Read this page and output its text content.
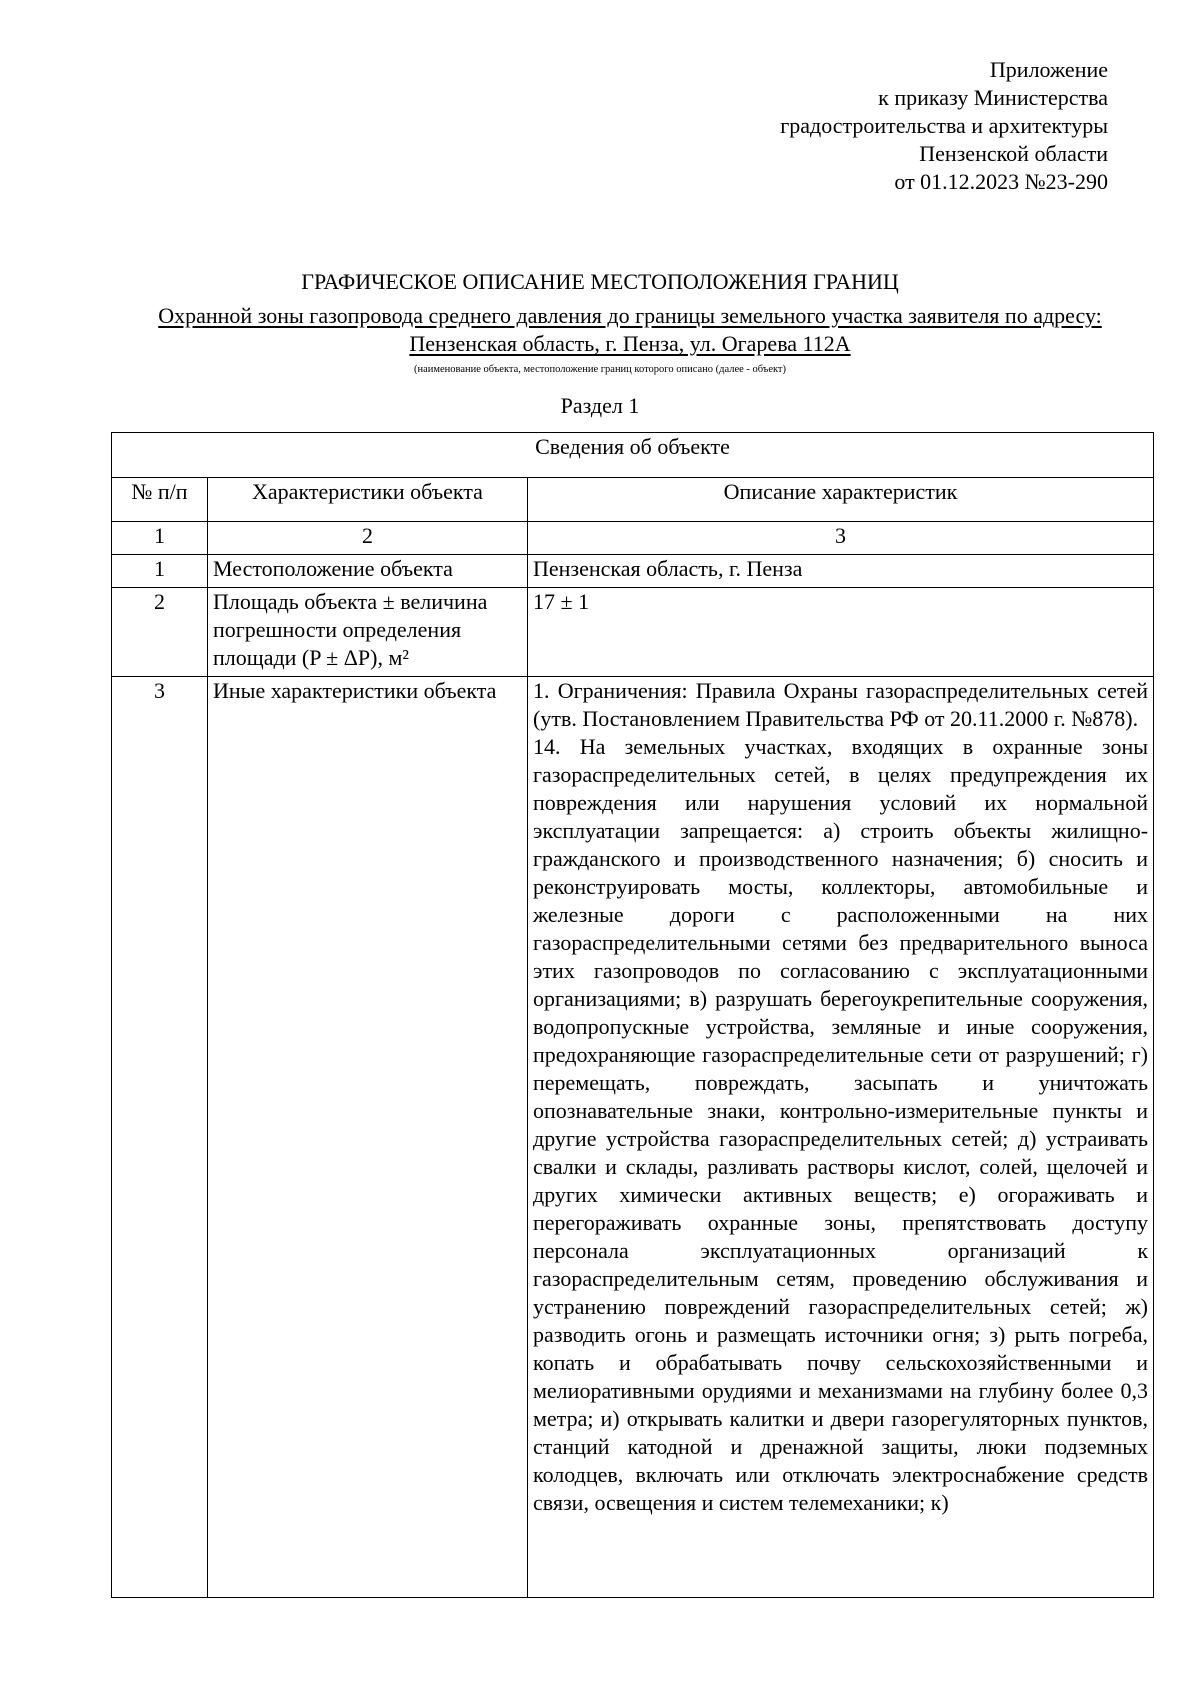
Приложение
к приказу Министерства
градостроительства и архитектуры
Пензенской области
от 01.12.2023 №23-290
ГРАФИЧЕСКОЕ ОПИСАНИЕ МЕСТОПОЛОЖЕНИЯ ГРАНИЦ
Охранной зоны газопровода среднего давления до границы земельного участка заявителя по адресу: Пензенская область, г. Пенза, ул. Огарева 112А
(наименование объекта, местоположение границ которого описано (далее - объект)
Раздел 1
Сведения об объекте		
№ п/п	Характеристики объекта	Описание характеристик
1	2	3
1	Местоположение объекта	Пензенская область, г. Пенза
2	Площадь объекта ± величина погрешности определения площади (P ± ΔP), м²	17 ± 1
3	Иные характеристики объекта	1. Ограничения: Правила Охраны газораспределительных сетей (утв. Постановлением Правительства РФ от 20.11.2000 г. №878).

14. На земельных участках, входящих в охранные зоны газораспределительных сетей, в целях предупреждения их повреждения или нарушения условий их нормальной эксплуатации запрещается: а) строить объекты жилищно-гражданского и производственного назначения; б) сносить и реконструировать мосты, коллекторы, автомобильные и железные дороги с расположенными на них газораспределительными сетями без предварительного выноса этих газопроводов по согласованию с эксплуатационными организациями; в) разрушать берегоукрепительные сооружения, водопропускные устройства, земляные и иные сооружения, предохраняющие газораспределительные сети от разрушений; г) перемещать, повреждать, засыпать и уничтожать опознавательные знаки, контрольно-измерительные пункты и другие устройства газораспределительных сетей; д) устраивать свалки и склады, разливать растворы кислот, солей, щелочей и других химически активных веществ; е) огораживать и перегораживать охранные зоны, препятствовать доступу персонала эксплуатационных организаций к газораспределительным сетям, проведению обслуживания и устранению повреждений газораспределительных сетей; ж) разводить огонь и размещать источники огня; з) рыть погреба, копать и обрабатывать почву сельскохозяйственными и мелиоративными орудиями и механизмами на глубину более 0,3 метра; и) открывать калитки и двери газорегуляторных пунктов, станций катодной и дренажной защиты, люки подземных колодцев, включать или отключать электроснабжение средств связи, освещения и систем телемеханики; к)
